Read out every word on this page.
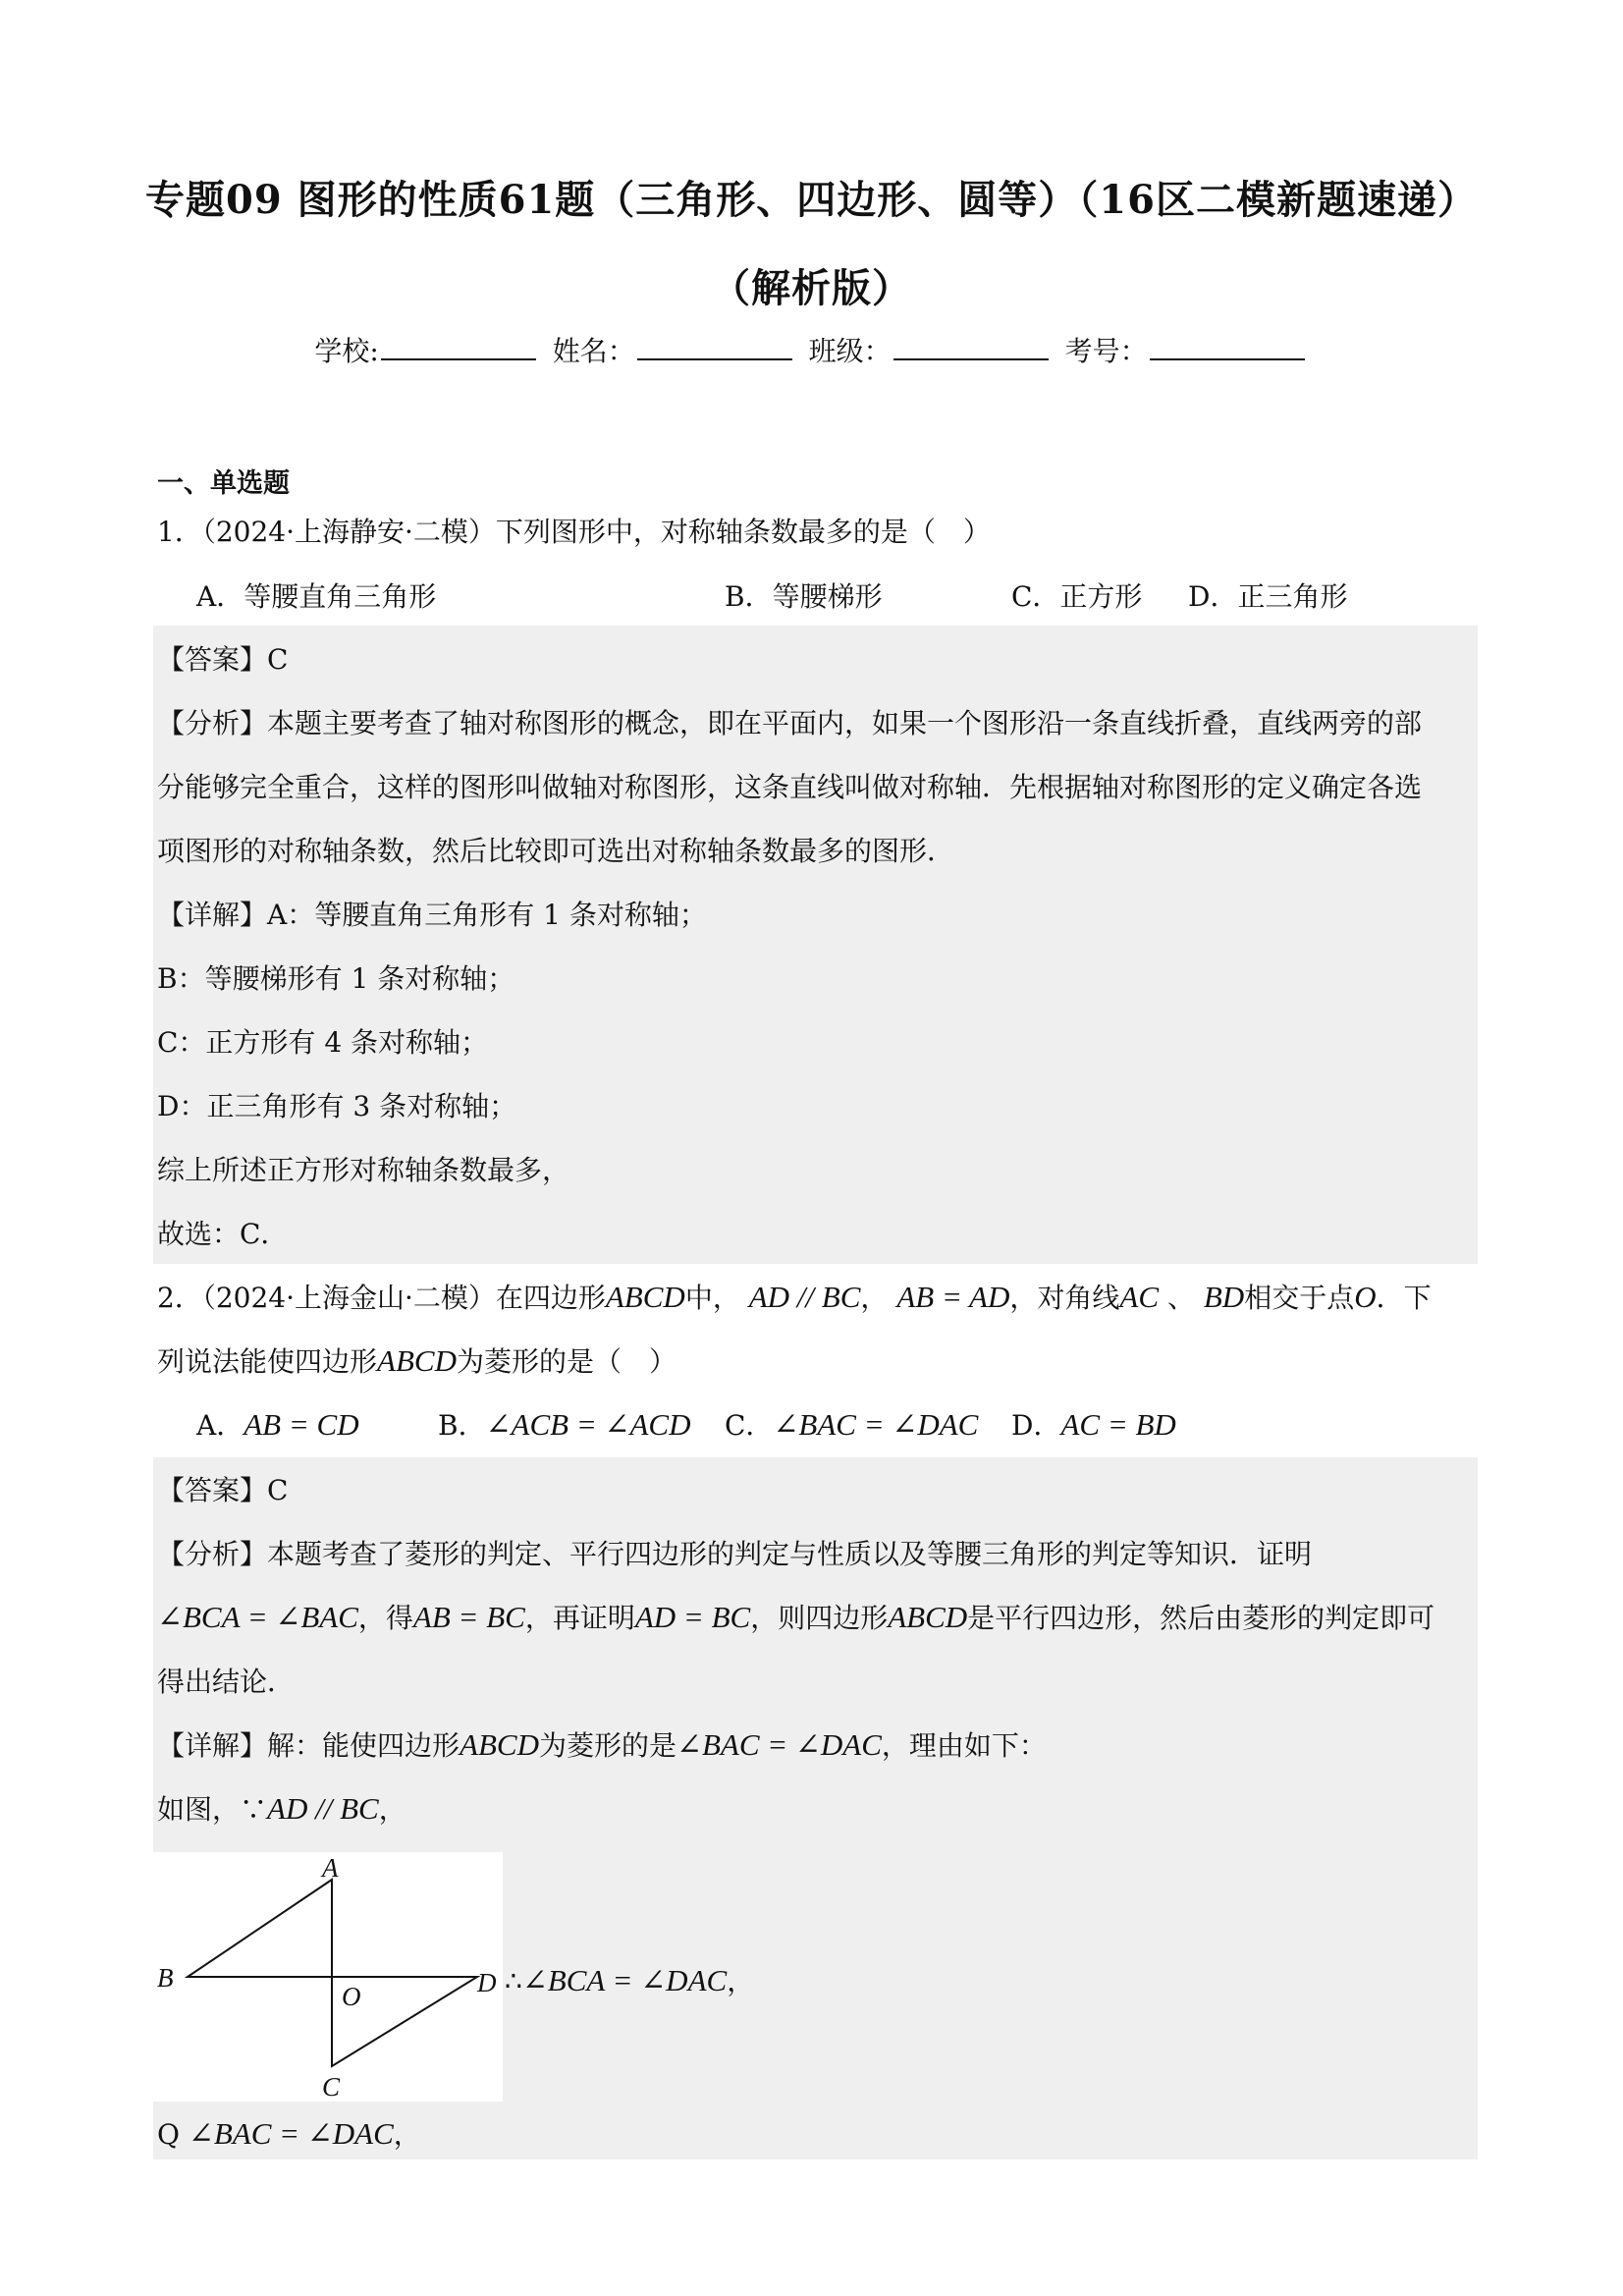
专题09 图形的性质61题（三角形、四边形、圆等）（16区二模新题速递）
（解析版）
学校:	姓名：	班级：	考号：
一、单选题
1．（2024·上海静安·二模）下列图形中，对称轴条数最多的是（　）
A．等腰直角三角形	B．等腰梯形	C．正方形 D．正三角形
【答案】C
【分析】本题主要考查了轴对称图形的概念，即在平面内，如果一个图形沿一条直线折叠，直线两旁的部
分能够完全重合，这样的图形叫做轴对称图形，这条直线叫做对称轴．先根据轴对称图形的定义确定各选
项图形的对称轴条数，然后比较即可选出对称轴条数最多的图形．
【详解】A：等腰直角三角形有 1 条对称轴；
B：等腰梯形有 1 条对称轴；
C：正方形有 4 条对称轴；
D：正三角形有 3 条对称轴；
综上所述正方形对称轴条数最多，
故选：C．
2．（2024·上海金山·二模）在四边形ABCD中， AD // BC， AB = AD，对角线AC 、 BD相交于点O．下
列说法能使四边形ABCD为菱形的是（　）
A．AB = CD	B．∠ACB = ∠ACD C．∠BAC = ∠DAC D．AC = BD
【答案】C
【分析】本题考查了菱形的判定、平行四边形的判定与性质以及等腰三角形的判定等知识．证明
∠BCA = ∠BAC，得AB = BC，再证明AD = BC，则四边形ABCD是平行四边形，然后由菱形的判定即可
得出结论．
【详解】解：能使四边形ABCD为菱形的是∠BAC = ∠DAC，理由如下：
如图，∵AD // BC，
A
B
C
D
O	∴∠BCA = ∠DAC，
Q ∠BAC = ∠DAC，
